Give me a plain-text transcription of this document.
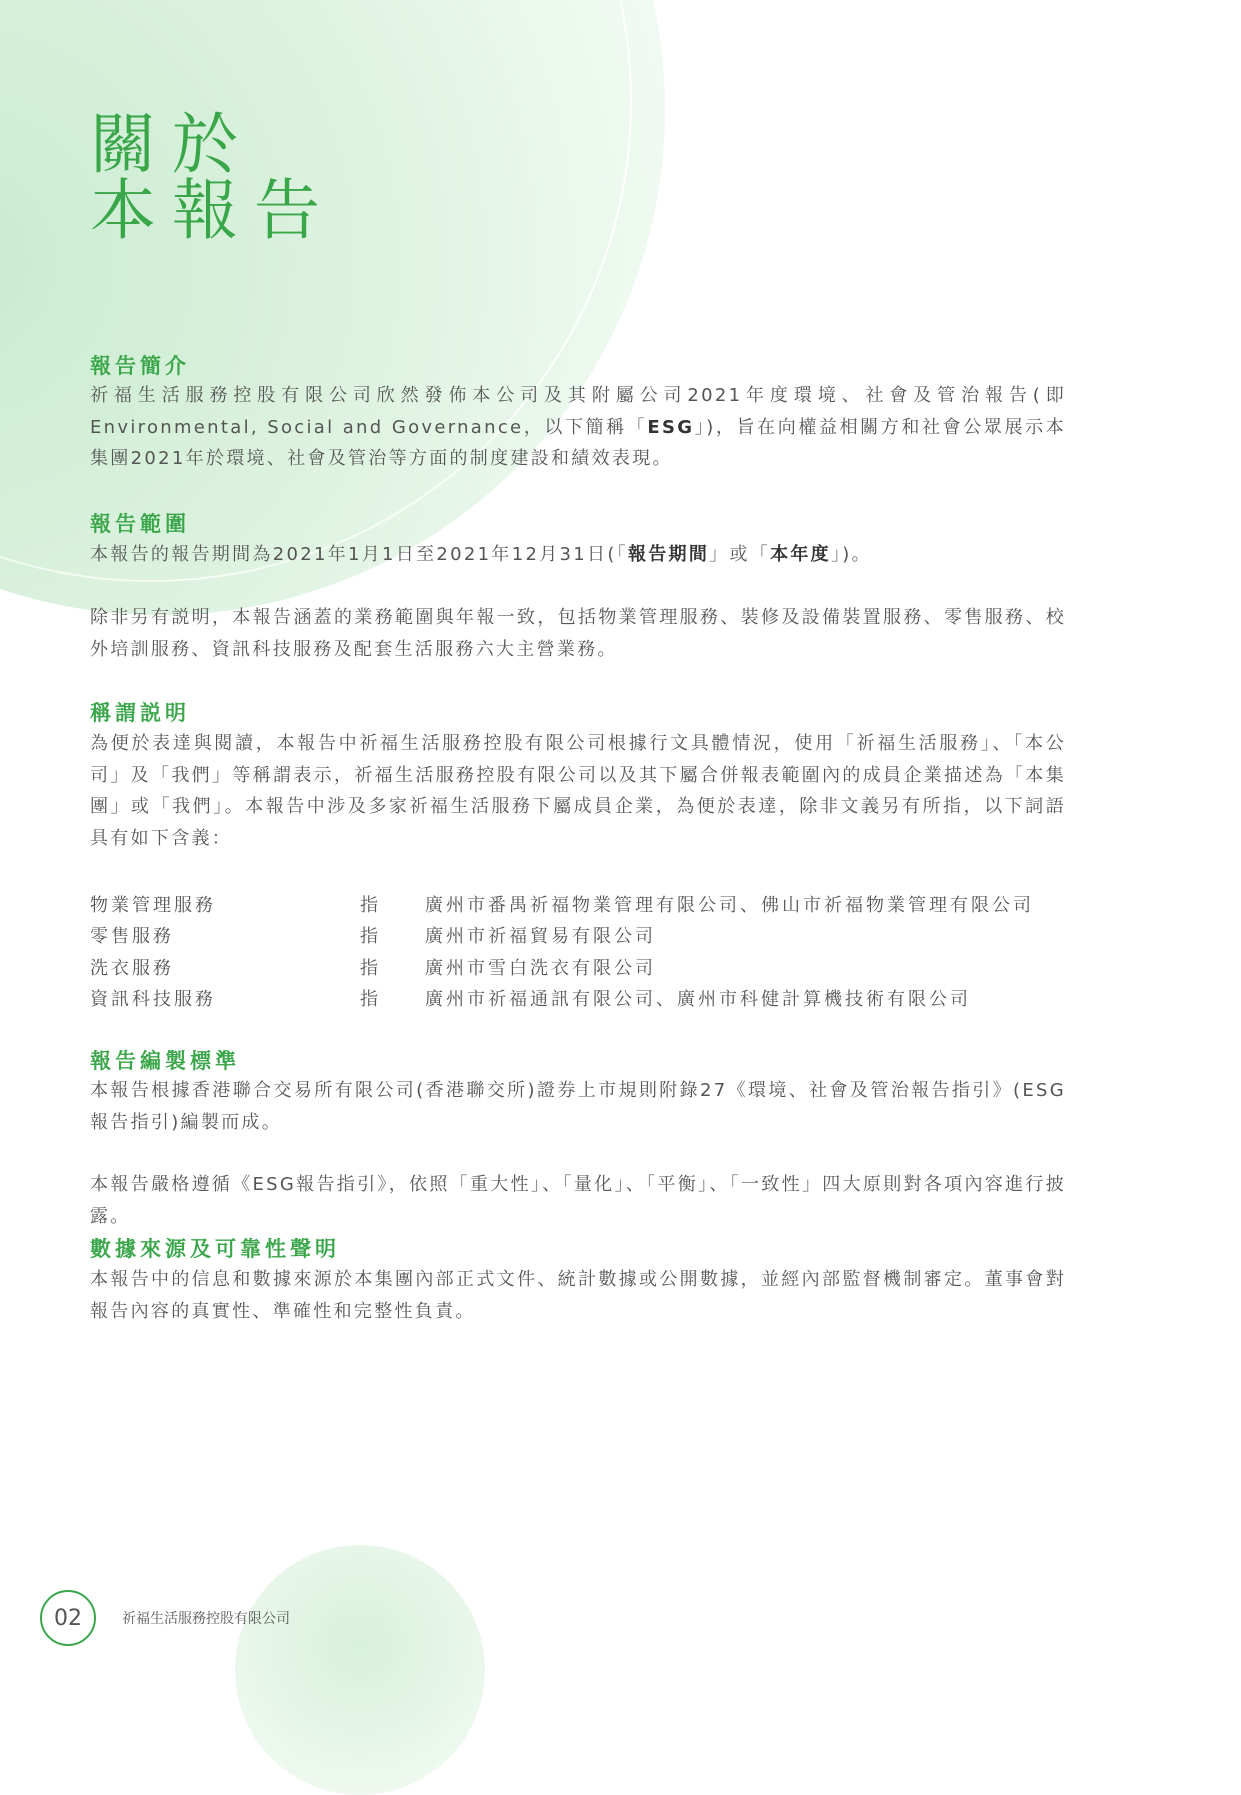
關於
本報告
報告簡介

祈福生活服務控股有限公司欣然發佈本公司及其附屬公司2021年度環境、社會及管治報告(即 Environmental, Social and Governance，以下簡稱「ESG」)，旨在向權益相關方和社會公眾展示本集團2021年於環境、社會及管治等方面的制度建設和績效表現。

報告範圍

本報告的報告期間為2021年1月1日至2021年12月31日(「報告期間」或「本年度」)。

除非另有説明，本報告涵蓋的業務範圍與年報一致，包括物業管理服務、裝修及設備裝置服務、零售服務、校外培訓服務、資訊科技服務及配套生活服務六大主營業務。

稱謂説明

為便於表達與閱讀，本報告中祈福生活服務控股有限公司根據行文具體情況，使用「祈福生活服務」、「本公司」及「我們」等稱謂表示，祈福生活服務控股有限公司以及其下屬合併報表範圍內的成員企業描述為「本集團」或「我們」。本報告中涉及多家祈福生活服務下屬成員企業，為便於表達，除非文義另有所指，以下詞語具有如下含義：

物業管理服務	指	廣州市番禺祈福物業管理有限公司、佛山市祈福物業管理有限公司
零售服務	指	廣州市祈福貿易有限公司
洗衣服務	指	廣州市雪白洗衣有限公司
資訊科技服務	指	廣州市祈福通訊有限公司、廣州市科健計算機技術有限公司
報告編製標準

本報告根據香港聯合交易所有限公司(香港聯交所)證券上市規則附錄27《環境、社會及管治報告指引》(ESG報告指引)編製而成。

本報告嚴格遵循《ESG報告指引》，依照「重大性」、「量化」、「平衡」、「一致性」四大原則對各項內容進行披露。

數據來源及可靠性聲明

本報告中的信息和數據來源於本集團內部正式文件、統計數據或公開數據，並經內部監督機制審定。董事會對報告內容的真實性、準確性和完整性負責。

02	祈福生活服務控股有限公司
